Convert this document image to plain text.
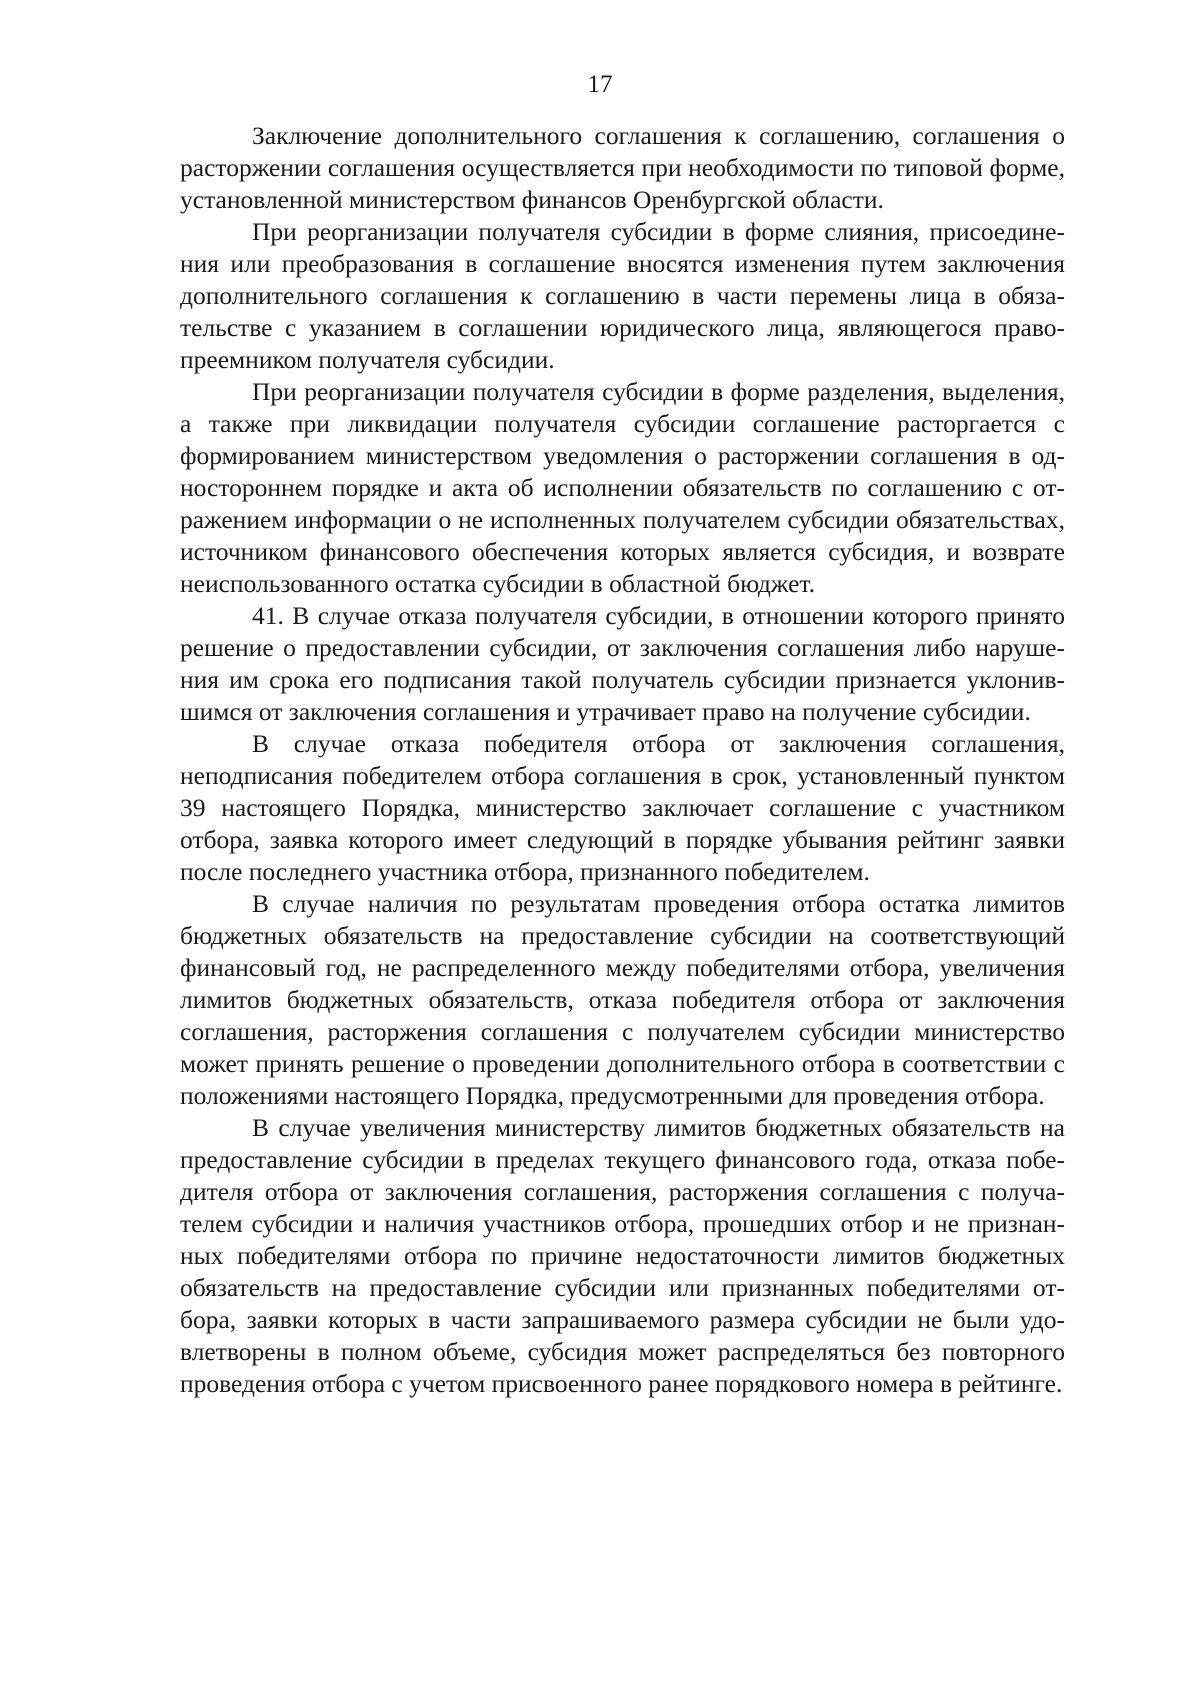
17

Заключение дополнительного соглашения к соглашению, соглашения о расторжении соглашения осуществляется при необходимости по типовой форме, установленной министерством финансов Оренбургской области.

При реорганизации получателя субсидии в форме слияния, присоединения или преобразования в соглашение вносятся изменения путем заключения дополнительного соглашения к соглашению в части перемены лица в обязательстве с указанием в соглашении юридического лица, являющегося правопреемником получателя субсидии.

При реорганизации получателя субсидии в форме разделения, выделения, а также при ликвидации получателя субсидии соглашение расторгается с формированием министерством уведомления о расторжении соглашения в одностороннем порядке и акта об исполнении обязательств по соглашению с отражением информации о не исполненных получателем субсидии обязательствах, источником финансового обеспечения которых является субсидия, и возврате неиспользованного остатка субсидии в областной бюджет.

41. В случае отказа получателя субсидии, в отношении которого принято решение о предоставлении субсидии, от заключения соглашения либо нарушения им срока его подписания такой получатель субсидии признается уклонившимся от заключения соглашения и утрачивает право на получение субсидии.

В случае отказа победителя отбора от заключения соглашения, неподписания победителем отбора соглашения в срок, установленный пунктом 39 настоящего Порядка, министерство заключает соглашение с участником отбора, заявка которого имеет следующий в порядке убывания рейтинг заявки после последнего участника отбора, признанного победителем.

В случае наличия по результатам проведения отбора остатка лимитов бюджетных обязательств на предоставление субсидии на соответствующий финансовый год, не распределенного между победителями отбора, увеличения лимитов бюджетных обязательств, отказа победителя отбора от заключения соглашения, расторжения соглашения с получателем субсидии министерство может принять решение о проведении дополнительного отбора в соответствии с положениями настоящего Порядка, предусмотренными для проведения отбора.

В случае увеличения министерству лимитов бюджетных обязательств на предоставление субсидии в пределах текущего финансового года, отказа победителя отбора от заключения соглашения, расторжения соглашения с получателем субсидии и наличия участников отбора, прошедших отбор и не признанных победителями отбора по причине недостаточности лимитов бюджетных обязательств на предоставление субсидии или признанных победителями отбора, заявки которых в части запрашиваемого размера субсидии не были удовлетворены в полном объеме, субсидия может распределяться без повторного проведения отбора с учетом присвоенного ранее порядкового номера в рейтинге.
